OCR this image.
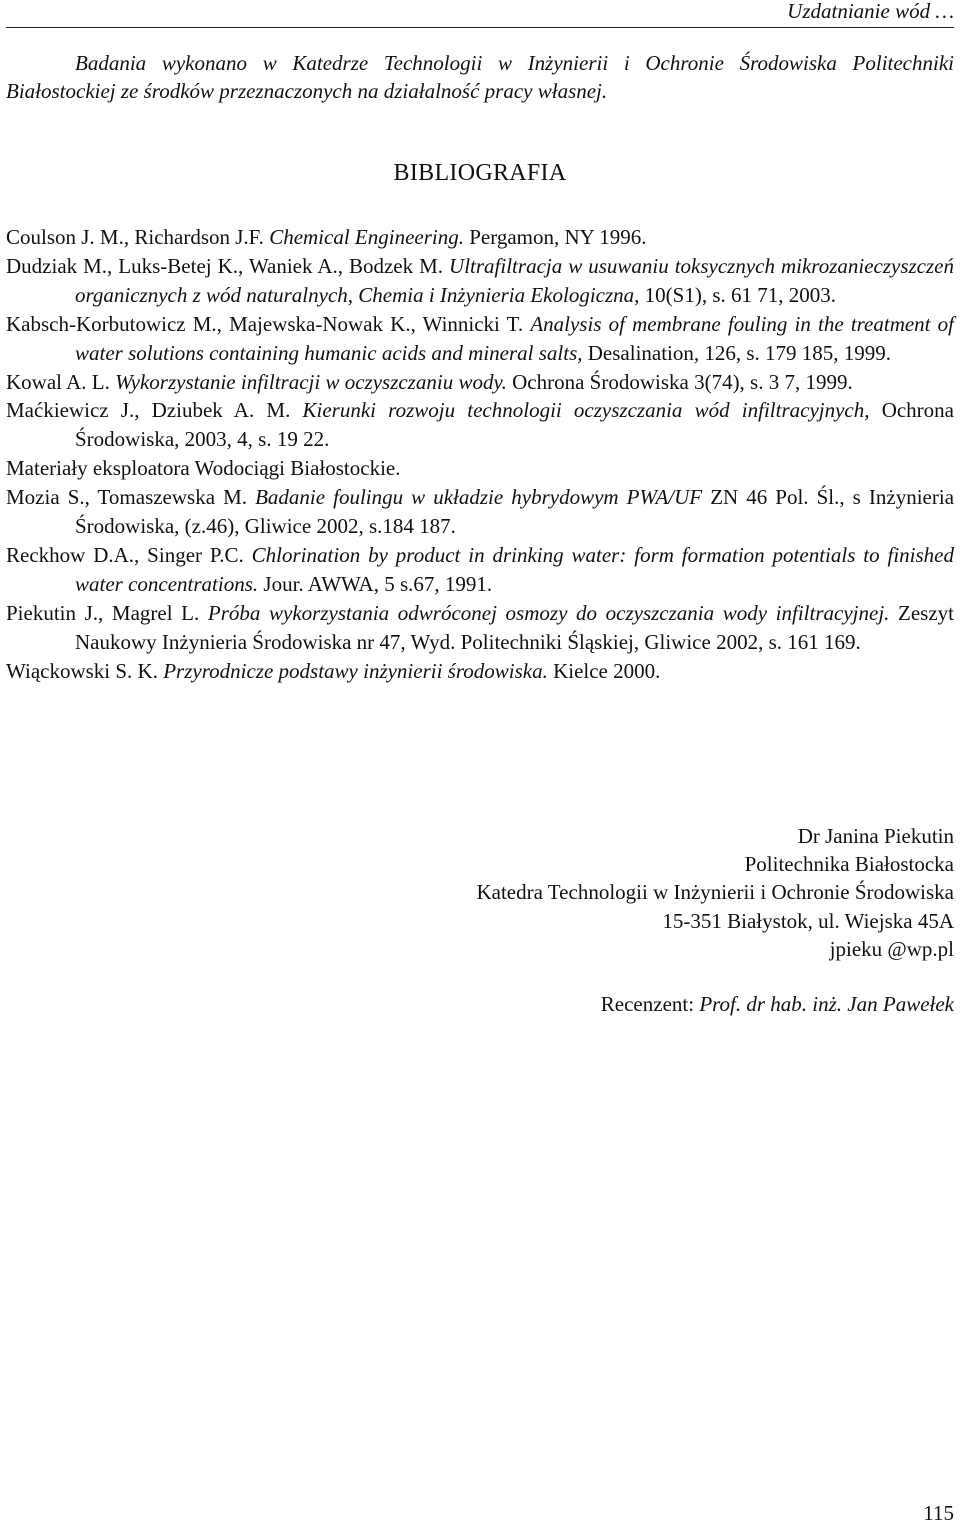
Uzdatnianie wód …

Badania wykonano w Katedrze Technologii w Inżynierii i Ochronie Środowiska Politechniki Białostockiej ze środków przeznaczonych na działalność pracy własnej.

BIBLIOGRAFIA
Coulson J. M., Richardson J.F. Chemical Engineering. Pergamon, NY 1996.
Dudziak M., Luks-Betej K., Waniek A., Bodzek M. Ultrafiltracja w usuwaniu toksycznych mikrozanieczyszczeń organicznych z wód naturalnych, Chemia i Inżynieria Ekologiczna, 10(S1), s. 61 71, 2003.
Kabsch-Korbutowicz M., Majewska-Nowak K., Winnicki T. Analysis of membrane fouling in the treatment of water solutions containing humanic acids and mineral salts, Desalination, 126, s. 179 185, 1999.
Kowal A. L. Wykorzystanie infiltracji w oczyszczaniu wody. Ochrona Środowiska 3(74), s. 3 7, 1999.
Maćkiewicz J., Dziubek A. M. Kierunki rozwoju technologii oczyszczania wód infiltracyjnych, Ochrona Środowiska, 2003, 4, s. 19 22.
Materiały eksploatora Wodociągi Białostockie.
Mozia S., Tomaszewska M. Badanie foulingu w układzie hybrydowym PWA/UF ZN 46 Pol. Śl., s Inżynieria Środowiska, (z.46), Gliwice 2002, s.184 187.
Reckhow D.A., Singer P.C. Chlorination by product in drinking water: form formation potentials to finished water concentrations. Jour. AWWA, 5 s.67, 1991.
Piekutin J., Magrel L. Próba wykorzystania odwróconej osmozy do oczyszczania wody infiltracyjnej. Zeszyt Naukowy Inżynieria Środowiska nr 47, Wyd. Politechniki Śląskiej, Gliwice 2002, s. 161 169.
Wiąckowski S. K. Przyrodnicze podstawy inżynierii środowiska. Kielce 2000.
Dr Janina Piekutin
Politechnika Białostocka
Katedra Technologii w Inżynierii i Ochronie Środowiska
15-351 Białystok, ul. Wiejska 45A
jpieku @wp.pl
Recenzent: Prof. dr hab. inż. Jan Pawełek
115
